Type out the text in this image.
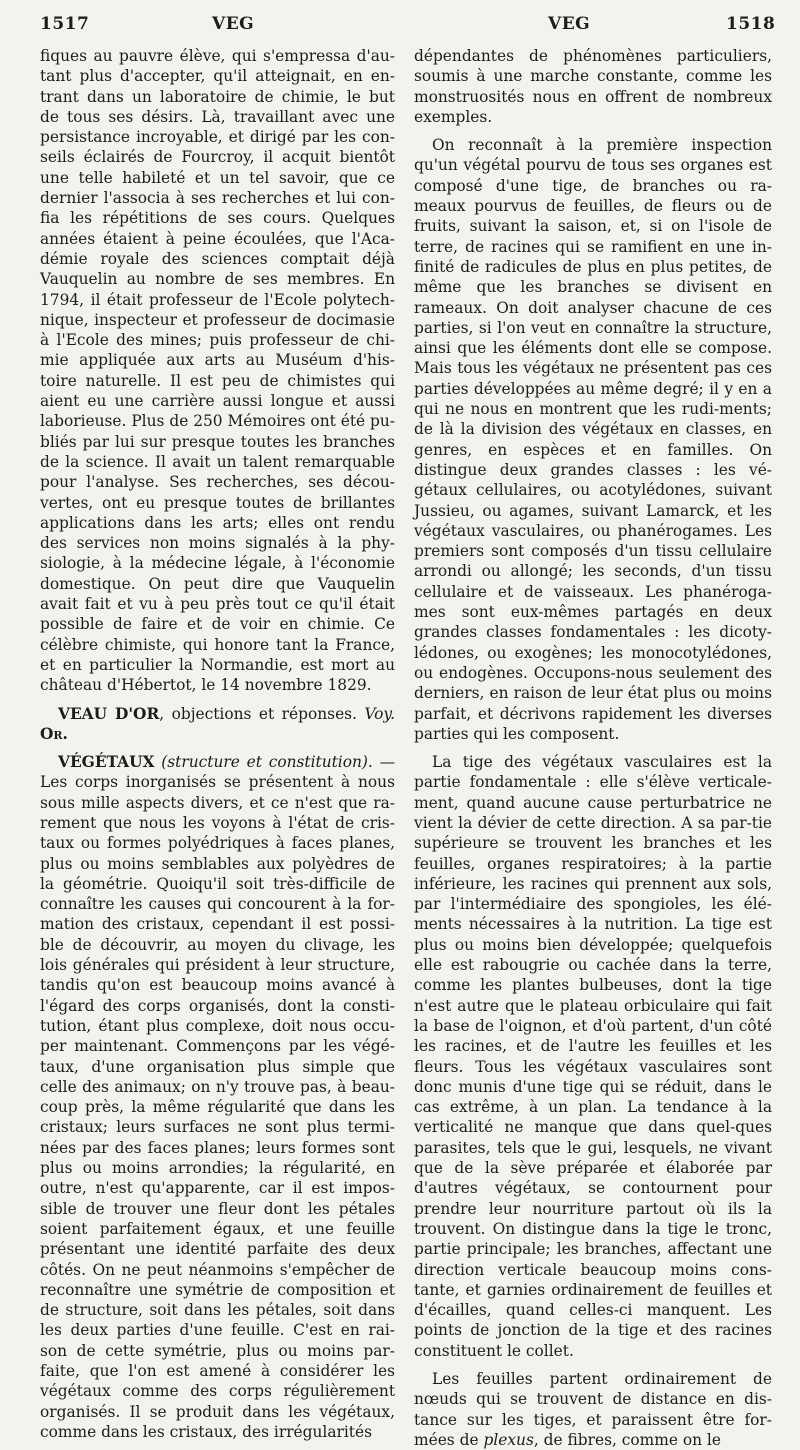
1517	VEG	VEG	1518

fiques au pauvre élève, qui s'empressa d'au-tant plus d'accepter, qu'il atteignait, en en-trant dans un laboratoire de chimie, le but de tous ses désirs. Là, travaillant avec une persistance incroyable, et dirigé par les con-seils éclairés de Fourcroy, il acquit bientôt une telle habileté et un tel savoir, que ce dernier l'associa à ses recherches et lui con-fia les répétitions de ses cours. Quelques années étaient à peine écoulées, que l'Aca-démie royale des sciences comptait déjà Vauquelin au nombre de ses membres. En 1794, il était professeur de l'Ecole polytech-nique, inspecteur et professeur de docimasie à l'Ecole des mines; puis professeur de chi-mie appliquée aux arts au Muséum d'his-toire naturelle. Il est peu de chimistes qui aient eu une carrière aussi longue et aussi laborieuse. Plus de 250 Mémoires ont été pu-bliés par lui sur presque toutes les branches de la science. Il avait un talent remarquable pour l'analyse. Ses recherches, ses décou-vertes, ont eu presque toutes de brillantes applications dans les arts; elles ont rendu des services non moins signalés à la phy-siologie, à la médecine légale, à l'économie domestique. On peut dire que Vauquelin avait fait et vu à peu près tout ce qu'il était possible de faire et de voir en chimie. Ce célèbre chimiste, qui honore tant la France, et en particulier la Normandie, est mort au château d'Hébertot, le 14 novembre 1829.

VEAU D'OR, objections et réponses. Voy. Or.

VÉGÉTAUX (structure et constitution). — Les corps inorganisés se présentent à nous sous mille aspects divers, et ce n'est que ra-rement que nous les voyons à l'état de cris-taux ou formes polyédriques à faces planes, plus ou moins semblables aux polyèdres de la géométrie. Quoiqu'il soit très-difficile de connaître les causes qui concourent à la for-mation des cristaux, cependant il est possi-ble de découvrir, au moyen du clivage, les lois générales qui président à leur structure, tandis qu'on est beaucoup moins avancé à l'égard des corps organisés, dont la consti-tution, étant plus complexe, doit nous occu-per maintenant. Commençons par les végé-taux, d'une organisation plus simple que celle des animaux; on n'y trouve pas, à beau-coup près, la même régularité que dans les cristaux; leurs surfaces ne sont plus termi-nées par des faces planes; leurs formes sont plus ou moins arrondies; la régularité, en outre, n'est qu'apparente, car il est impos-sible de trouver une fleur dont les pétales soient parfaitement égaux, et une feuille présentant une identité parfaite des deux côtés. On ne peut néanmoins s'empêcher de reconnaître une symétrie de composition et de structure, soit dans les pétales, soit dans les deux parties d'une feuille. C'est en rai-son de cette symétrie, plus ou moins par-faite, que l'on est amené à considérer les végétaux comme des corps régulièrement organisés. Il se produit dans les végétaux, comme dans les cristaux, des irrégularités

dépendantes de phénomènes particuliers, soumis à une marche constante, comme les monstruosités nous en offrent de nombreux exemples.

On reconnaît à la première inspection qu'un végétal pourvu de tous ses organes est composé d'une tige, de branches ou ra-meaux pourvus de feuilles, de fleurs ou de fruits, suivant la saison, et, si on l'isole de terre, de racines qui se ramifient en une in-finité de radicules de plus en plus petites, de même que les branches se divisent en rameaux. On doit analyser chacune de ces parties, si l'on veut en connaître la structure, ainsi que les éléments dont elle se compose. Mais tous les végétaux ne présentent pas ces parties développées au même degré; il y en a qui ne nous en montrent que les rudi-ments; de là la division des végétaux en classes, en genres, en espèces et en familles. On distingue deux grandes classes : les vé-gétaux cellulaires, ou acotylédones, suivant Jussieu, ou agames, suivant Lamarck, et les végétaux vasculaires, ou phanérogames. Les premiers sont composés d'un tissu cellulaire arrondi ou allongé; les seconds, d'un tissu cellulaire et de vaisseaux. Les phanéroga-mes sont eux-mêmes partagés en deux grandes classes fondamentales : les dicoty-lédones, ou exogènes; les monocotylédones, ou endogènes. Occupons-nous seulement des derniers, en raison de leur état plus ou moins parfait, et décrivons rapidement les diverses parties qui les composent.

La tige des végétaux vasculaires est la partie fondamentale : elle s'élève verticale-ment, quand aucune cause perturbatrice ne vient la dévier de cette direction. A sa par-tie supérieure se trouvent les branches et les feuilles, organes respiratoires; à la partie inférieure, les racines qui prennent aux sols, par l'intermédiaire des spongioles, les élé-ments nécessaires à la nutrition. La tige est plus ou moins bien développée; quelquefois elle est rabougrie ou cachée dans la terre, comme les plantes bulbeuses, dont la tige n'est autre que le plateau orbiculaire qui fait la base de l'oignon, et d'où partent, d'un côté les racines, et de l'autre les feuilles et les fleurs. Tous les végétaux vasculaires sont donc munis d'une tige qui se réduit, dans le cas extrême, à un plan. La tendance à la verticalité ne manque que dans quel-ques parasites, tels que le gui, lesquels, ne vivant que de la sève préparée et élaborée par d'autres végétaux, se contournent pour prendre leur nourriture partout où ils la trouvent. On distingue dans la tige le tronc, partie principale; les branches, affectant une direction verticale beaucoup moins cons-tante, et garnies ordinairement de feuilles et d'écailles, quand celles-ci manquent. Les points de jonction de la tige et des racines constituent le collet.

Les feuilles partent ordinairement de nœuds qui se trouvent de distance en dis-tance sur les tiges, et paraissent être for-mées de plexus, de fibres, comme on le
